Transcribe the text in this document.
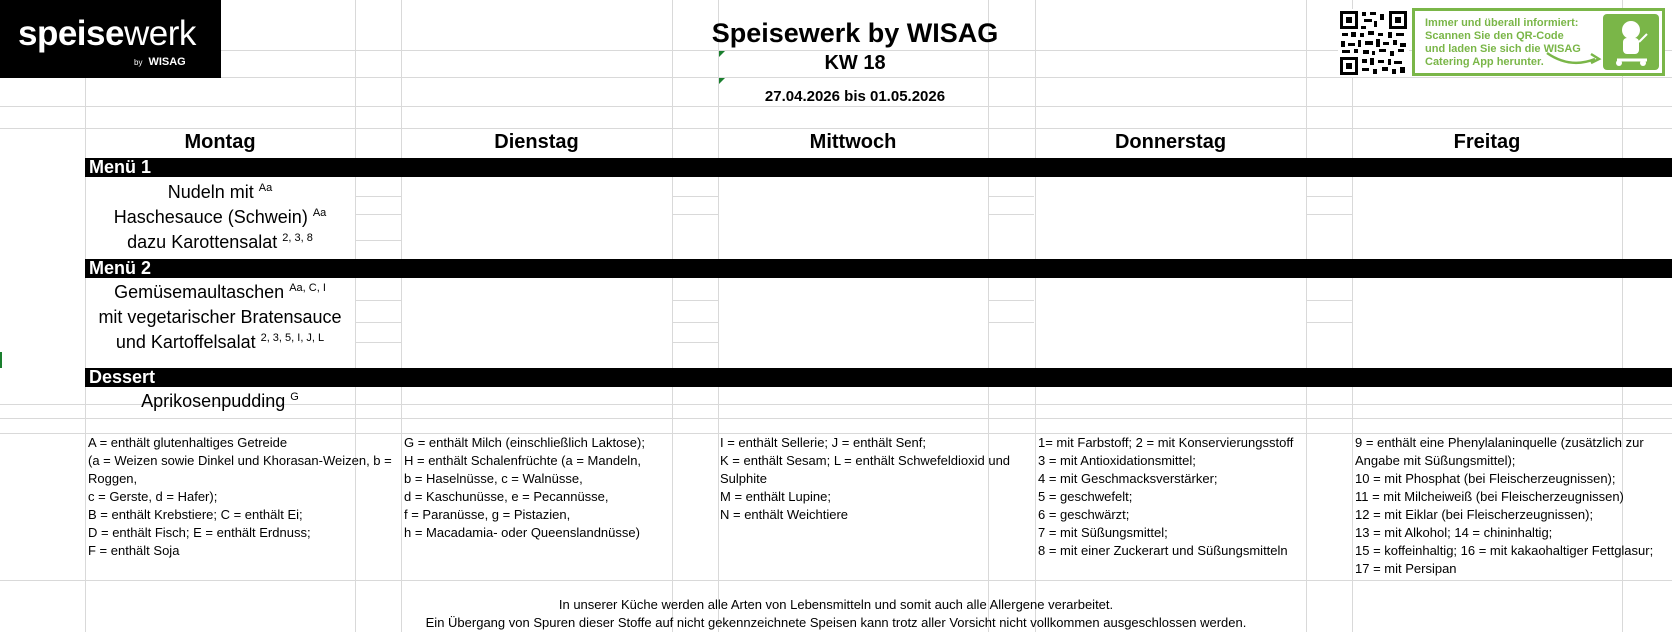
speisewerk
by WISAG
Speisewerk by WISAG
KW 18
27.04.2026 bis 01.05.2026
Immer und überall informiert:
Scannen Sie den QR-Code
und laden Sie sich die WISAG
Catering App herunter.
Montag	Dienstag	Mittwoch	Donnerstag	Freitag
Menü 1
Menü 2
Dessert
Nudeln mit $^{Aa}$
Haschesauce (Schwein) $^{Aa}$
dazu Karottensalat $^{2, 3, 8}$
Gemüsemaultaschen $^{Aa, C, I}$
mit vegetarischer Bratensauce
und Kartoffelsalat $^{2, 3, 5, I, J, L}$
Aprikosenpudding $^G$
A = enthält glutenhaltiges Getreide
(a = Weizen sowie Dinkel und Khorasan-Weizen, b =
Roggen,
c = Gerste, d = Hafer);
B = enthält Krebstiere; C = enthält Ei;
D = enthält Fisch; E = enthält Erdnuss;
F = enthält Soja
G = enthält Milch (einschließlich Laktose);
H = enthält Schalenfrüchte (a = Mandeln,
b = Haselnüsse, c = Walnüsse,
d = Kaschunüsse, e = Pecannüsse,
f = Paranüsse, g = Pistazien,
h = Macadamia- oder Queenslandnüsse)
I = enthält Sellerie; J = enthält Senf;
K = enthält Sesam; L = enthält Schwefeldioxid und
Sulphite
M = enthält Lupine;
N = enthält Weichtiere
1= mit Farbstoff; 2 = mit Konservierungsstoff
3 = mit Antioxidationsmittel;
4 = mit Geschmacksverstärker;
5 = geschwefelt;
6 = geschwärzt;
7 = mit Süßungsmittel;
8 = mit einer Zuckerart und Süßungsmitteln
9 = enthält eine Phenylalaninquelle (zusätzlich zur
Angabe mit Süßungsmittel);
10 = mit Phosphat (bei Fleischerzeugnissen);
11 = mit Milcheiweiß (bei Fleischerzeugnissen)
12 = mit Eiklar (bei Fleischerzeugnissen);
13 = mit Alkohol; 14 = chininhaltig;
15 = koffeinhaltig; 16 = mit kakaohaltiger Fettglasur;
17 = mit Persipan
In unserer Küche werden alle Arten von Lebensmitteln und somit auch alle Allergene verarbeitet.
Ein Übergang von Spuren dieser Stoffe auf nicht gekennzeichnete Speisen kann trotz aller Vorsicht nicht vollkommen ausgeschlossen werden.
